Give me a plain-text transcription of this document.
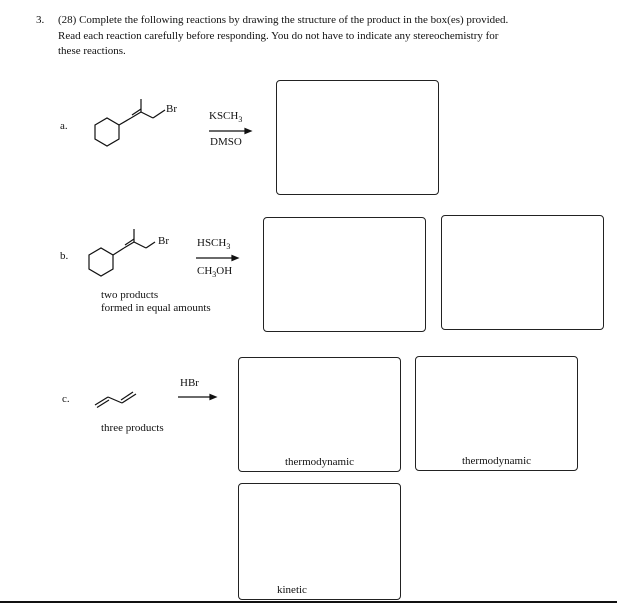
3. (28) Complete the following reactions by drawing the structure of the product in the box(es) provided.
Read each reaction carefully before responding. You do not have to indicate any stereochemistry for
these reactions.
a.
Br
$KSCH_3$
DMSO
b.
Br	$HSCH_3$
$CH_3OH$
two products
formed in equal amounts
c.
HBr
three products
thermodynamic	thermodynamic
kinetic
